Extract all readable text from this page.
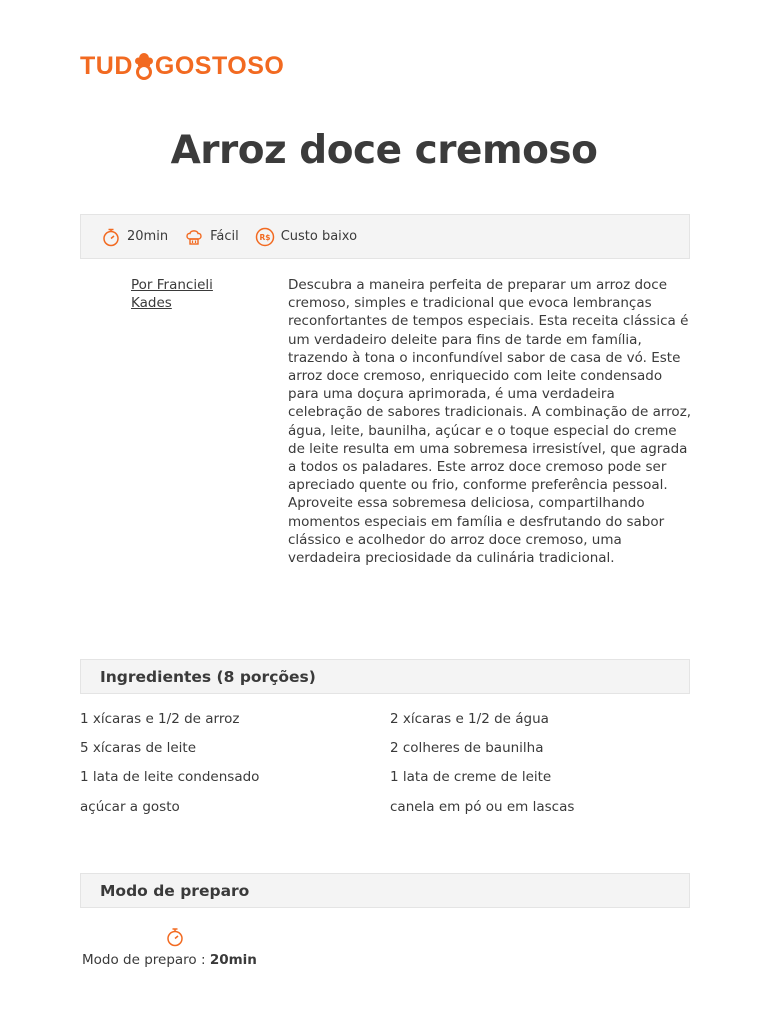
TUD GOSTOSO
Arroz doce cremoso
20min	Fácil	R$ Custo baixo
Por Francieli Kades

Descubra a maneira perfeita de preparar um arroz doce cremoso, simples e tradicional que evoca lembranças reconfortantes de tempos especiais. Esta receita clássica é um verdadeiro deleite para fins de tarde em família, trazendo à tona o inconfundível sabor de casa de vó. Este arroz doce cremoso, enriquecido com leite condensado para uma doçura aprimorada, é uma verdadeira celebração de sabores tradicionais. A combinação de arroz, água, leite, baunilha, açúcar e o toque especial do creme de leite resulta em uma sobremesa irresistível, que agrada a todos os paladares. Este arroz doce cremoso pode ser apreciado quente ou frio, conforme preferência pessoal. Aproveite essa sobremesa deliciosa, compartilhando momentos especiais em família e desfrutando do sabor clássico e acolhedor do arroz doce cremoso, uma verdadeira preciosidade da culinária tradicional.

Ingredientes (8 porções)
1 xícaras e 1/2 de arroz	2 xícaras e 1/2 de água
5 xícaras de leite	2 colheres de baunilha
1 lata de leite condensado	1 lata de creme de leite
açúcar a gosto	canela em pó ou em lascas
Modo de preparo
Modo de preparo : 20min
